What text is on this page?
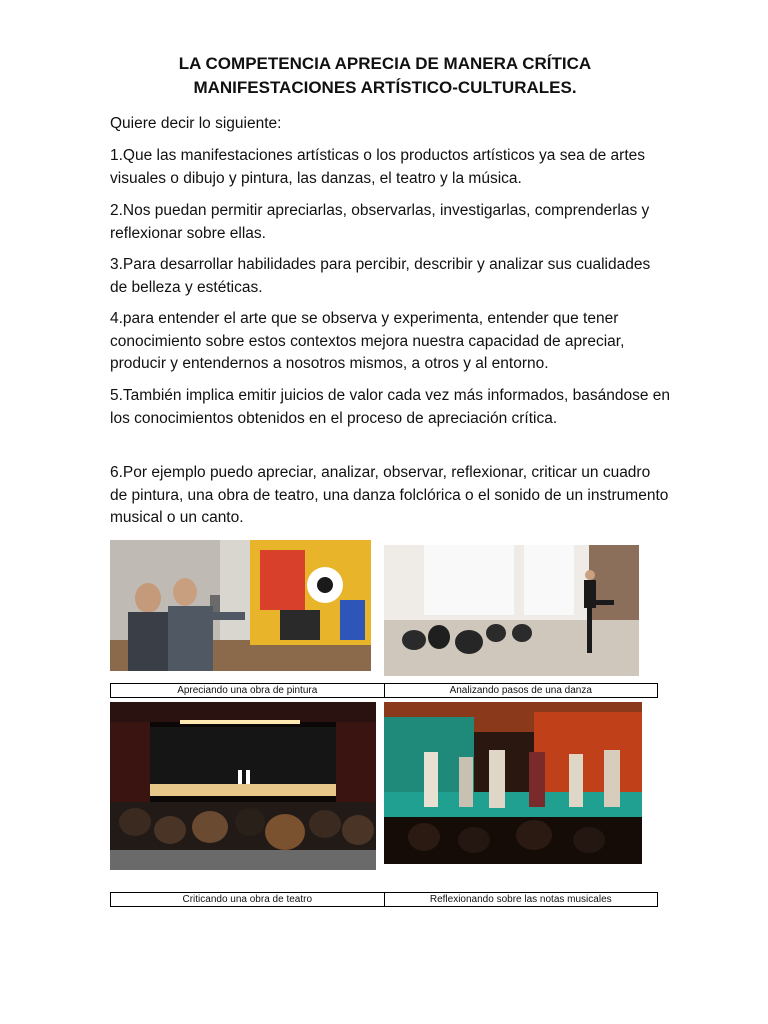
LA COMPETENCIA APRECIA DE MANERA CRÍTICA
MANIFESTACIONES ARTÍSTICO-CULTURALES.
Quiere decir lo siguiente:

1.Que las manifestaciones artísticas o los productos artísticos ya sea de artes visuales o dibujo y pintura, las danzas, el teatro y la música.

2.Nos puedan permitir apreciarlas, observarlas, investigarlas, comprenderlas y reflexionar sobre ellas.

3.Para desarrollar habilidades para percibir, describir y analizar sus cualidades de belleza y estéticas.

4.para entender el arte que se observa y experimenta, entender que tener conocimiento sobre estos contextos mejora nuestra capacidad de apreciar, producir y entendernos a nosotros mismos, a otros y al entorno.

5.También implica emitir juicios de valor cada vez más informados, basándose en los conocimientos obtenidos en el proceso de apreciación crítica.

6.Por ejemplo puedo apreciar, analizar, observar, reflexionar, criticar un cuadro de pintura, una obra de teatro, una danza folclórica o el sonido de un instrumento musical o un canto.

Apreciando una obra de pintura	Analizando pasos de una danza
Criticando una obra de teatro	Reflexionando sobre las notas musicales
